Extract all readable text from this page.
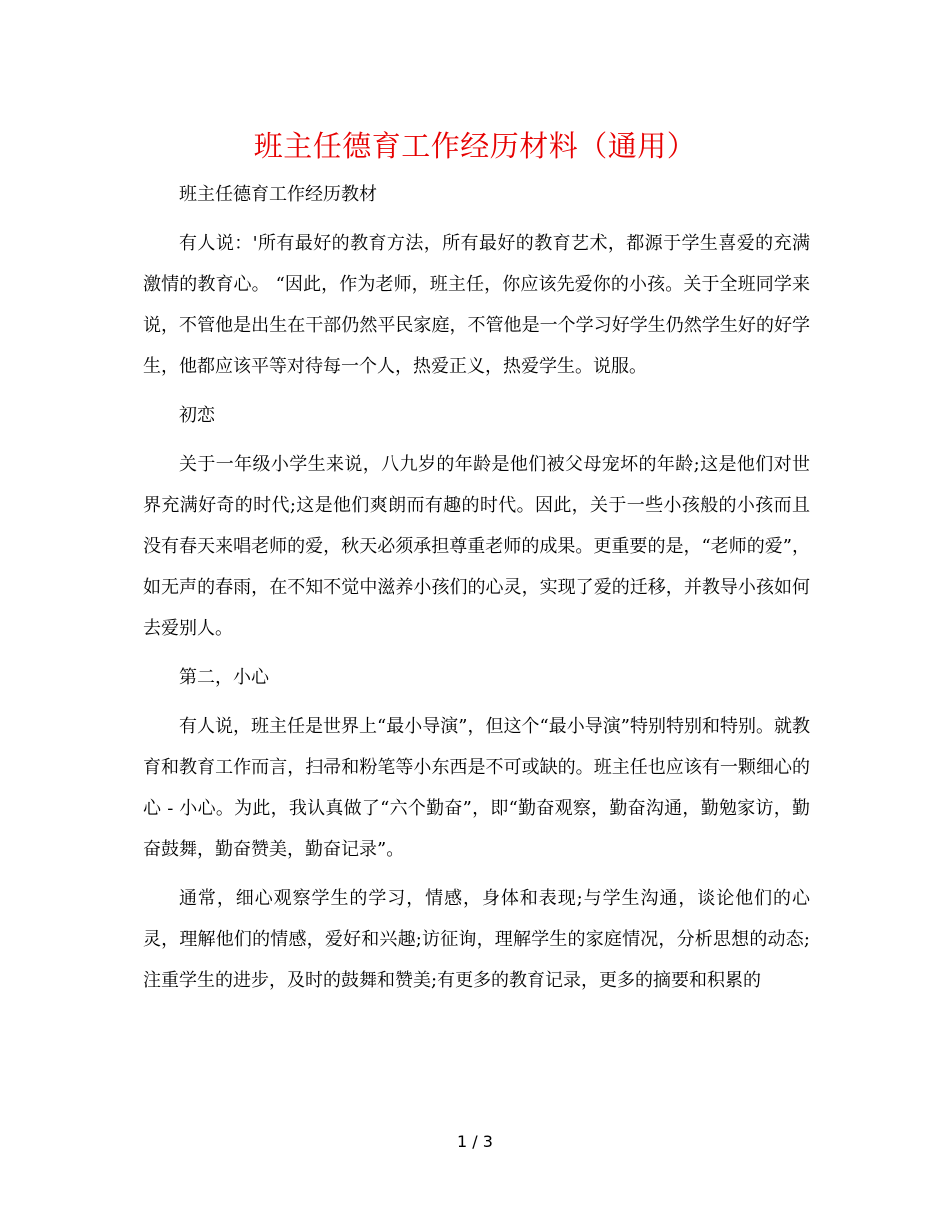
班主任德育工作经历材料（通用）

班主任德育工作经历教材

有人说：'所有最好的教育方法，所有最好的教育艺术，都源于学生喜爱的充满激情的教育心。 “因此，作为老师，班主任，你应该先爱你的小孩。关于全班同学来说，不管他是出生在干部仍然平民家庭，不管他是一个学习好学生仍然学生好的好学生，他都应该平等对待每一个人，热爱正义，热爱学生。说服。

初恋

关于一年级小学生来说，八九岁的年龄是他们被父母宠坏的年龄;这是他们对世界充满好奇的时代;这是他们爽朗而有趣的时代。因此，关于一些小孩般的小孩而且没有春天来唱老师的爱，秋天必须承担尊重老师的成果。更重要的是，“老师的爱”，如无声的春雨，在不知不觉中滋养小孩们的心灵，实现了爱的迁移，并教导小孩如何去爱别人。

第二，小心

有人说，班主任是世界上“最小导演”，但这个“最小导演”特别特别和特别。就教育和教育工作而言，扫帚和粉笔等小东西是不可或缺的。班主任也应该有一颗细心的心 - 小心。为此，我认真做了“六个勤奋”，即“勤奋观察，勤奋沟通，勤勉家访，勤奋鼓舞，勤奋赞美，勤奋记录”。

通常，细心观察学生的学习，情感，身体和表现;与学生沟通，谈论他们的心灵，理解他们的情感，爱好和兴趣;访征询，理解学生的家庭情况，分析思想的动态;注重学生的进步，及时的鼓舞和赞美;有更多的教育记录，更多的摘要和积累的

1 / 3
